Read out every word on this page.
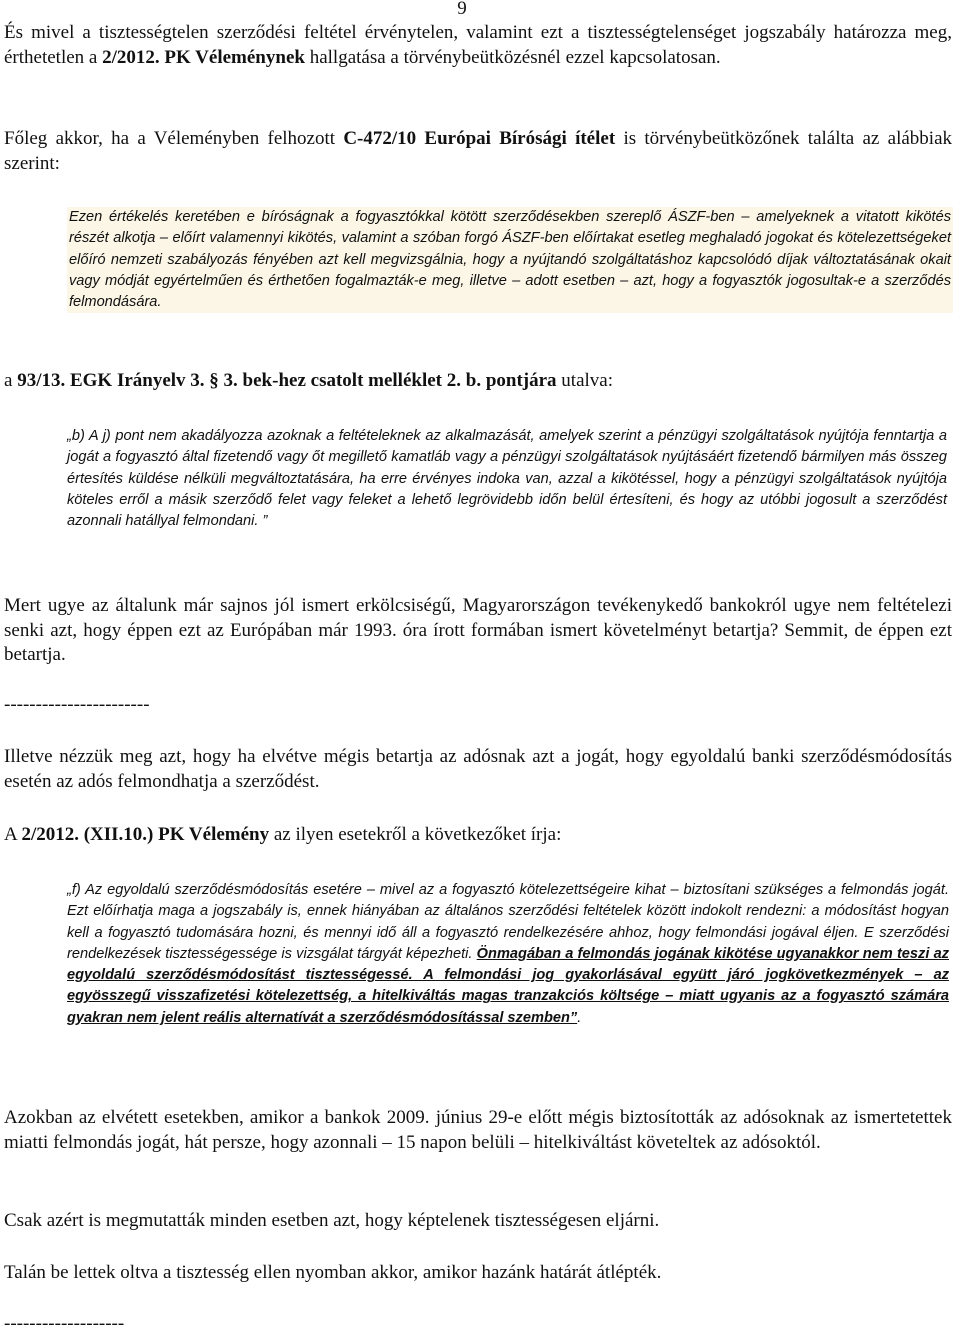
9
És mivel a tisztességtelen szerződési feltétel érvénytelen, valamint ezt a tisztességtelenséget jogszabály határozza meg, érthetetlen a 2/2012. PK Véleménynek hallgatása a törvénybeütközésnél ezzel kapcsolatosan.
Főleg akkor, ha a Véleményben felhozott C-472/10 Európai Bírósági ítélet is törvénybeütközőnek találta az alábbiak szerint:
Ezen értékelés keretében e bíróságnak a fogyasztókkal kötött szerződésekben szereplő ÁSZF-ben – amelyeknek a vitatott kikötés részét alkotja – előírt valamennyi kikötés, valamint a szóban forgó ÁSZF-ben előírtakat esetleg meghaladó jogokat és kötelezettségeket előíró nemzeti szabályozás fényében azt kell megvizsgálnia, hogy a nyújtandó szolgáltatáshoz kapcsolódó díjak változtatásának okait vagy módját egyértelműen és érthetően fogalmazták-e meg, illetve – adott esetben – azt, hogy a fogyasztók jogosultak-e a szerződés felmondására.
a 93/13. EGK Irányelv 3. § 3. bek-hez csatolt melléklet 2. b. pontjára utalva:
„b) A j) pont nem akadályozza azoknak a feltételeknek az alkalmazását, amelyek szerint a pénzügyi szolgáltatások nyújtója fenntartja a jogát a fogyasztó által fizetendő vagy őt megillető kamatláb vagy a pénzügyi szolgáltatások nyújtásáért fizetendő bármilyen más összeg értesítés küldése nélküli megváltoztatására, ha erre érvényes indoka van, azzal a kikötéssel, hogy a pénzügyi szolgáltatások nyújtója köteles erről a másik szerződő felet vagy feleket a lehető legrövidebb időn belül értesíteni, és hogy az utóbbi jogosult a szerződést azonnali hatállyal felmondani. ”
Mert ugye az általunk már sajnos jól ismert erkölcsiségű, Magyarországon tevékenykedő bankokról ugye nem feltételezi senki azt, hogy éppen ezt az Európában már 1993. óra írott formában ismert követelményt betartja? Semmit, de éppen ezt betartja.
-----------------------
Illetve nézzük meg azt, hogy ha elvétve mégis betartja az adósnak azt a jogát, hogy egyoldalú banki szerződésmódosítás esetén az adós felmondhatja a szerződést.
A 2/2012. (XII.10.) PK Vélemény az ilyen esetekről a következőket írja:
„f) Az egyoldalú szerződésmódosítás esetére – mivel az a fogyasztó kötelezettségeire kihat – biztosítani szükséges a felmondás jogát. Ezt előírhatja maga a jogszabály is, ennek hiányában az általános szerződési feltételek között indokolt rendezni: a módosítást hogyan kell a fogyasztó tudomására hozni, és mennyi idő áll a fogyasztó rendelkezésére ahhoz, hogy felmondási jogával éljen. E szerződési rendelkezések tisztességessége is vizsgálat tárgyát képezheti. Önmagában a felmondás jogának kikötése ugyanakkor nem teszi az egyoldalú szerződésmódosítást tisztességessé. A felmondási jog gyakorlásával együtt járó jogkövetkezmények – az egyösszegű visszafizetési kötelezettség, a hitelkiváltás magas tranzakciós költsége – miatt ugyanis az a fogyasztó számára gyakran nem jelent reális alternatívát a szerződésmódosítással szemben”.
Azokban az elvétett esetekben, amikor a bankok 2009. június 29-e előtt mégis biztosították az adósoknak az ismertetettek miatti felmondás jogát, hát persze, hogy azonnali – 15 napon belüli – hitelkiváltást követeltek az adósoktól.
Csak azért is megmutatták minden esetben azt, hogy képtelenek tisztességesen eljárni.
Talán be lettek oltva a tisztesség ellen nyomban akkor, amikor hazánk határát átlépték.
-------------------
